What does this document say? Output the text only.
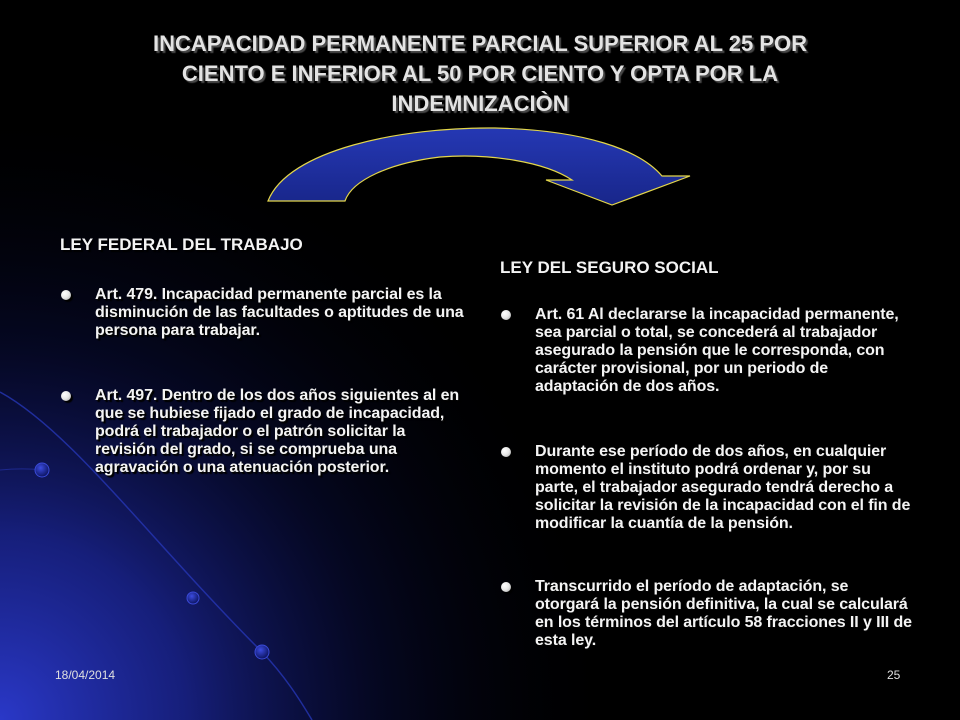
INCAPACIDAD PERMANENTE PARCIAL SUPERIOR AL 25 POR
CIENTO E INFERIOR AL 50 POR CIENTO Y OPTA POR LA
INDEMNIZACIÒN
LEY FEDERAL DEL TRABAJO
Art. 479. Incapacidad permanente parcial es la disminución de las facultades o aptitudes de una persona para trabajar.
Art. 497. Dentro de los dos años siguientes al en que se hubiese fijado el grado de incapacidad, podrá el trabajador o el patrón solicitar la revisión del grado, si se comprueba una agravación o una atenuación posterior.
LEY DEL SEGURO SOCIAL
Art. 61 Al declararse la incapacidad permanente, sea parcial o total, se concederá al trabajador asegurado la pensión que le corresponda, con carácter provisional, por un periodo de adaptación de dos años.
Durante ese período de dos años, en cualquier momento el instituto podrá ordenar y, por su parte, el trabajador asegurado tendrá derecho a solicitar la revisión de la incapacidad con el fin de modificar la cuantía de la pensión.
Transcurrido el período de adaptación, se otorgará la pensión definitiva, la cual se calculará en los términos del artículo 58 fracciones II y III de esta ley.
18/04/2014	25
